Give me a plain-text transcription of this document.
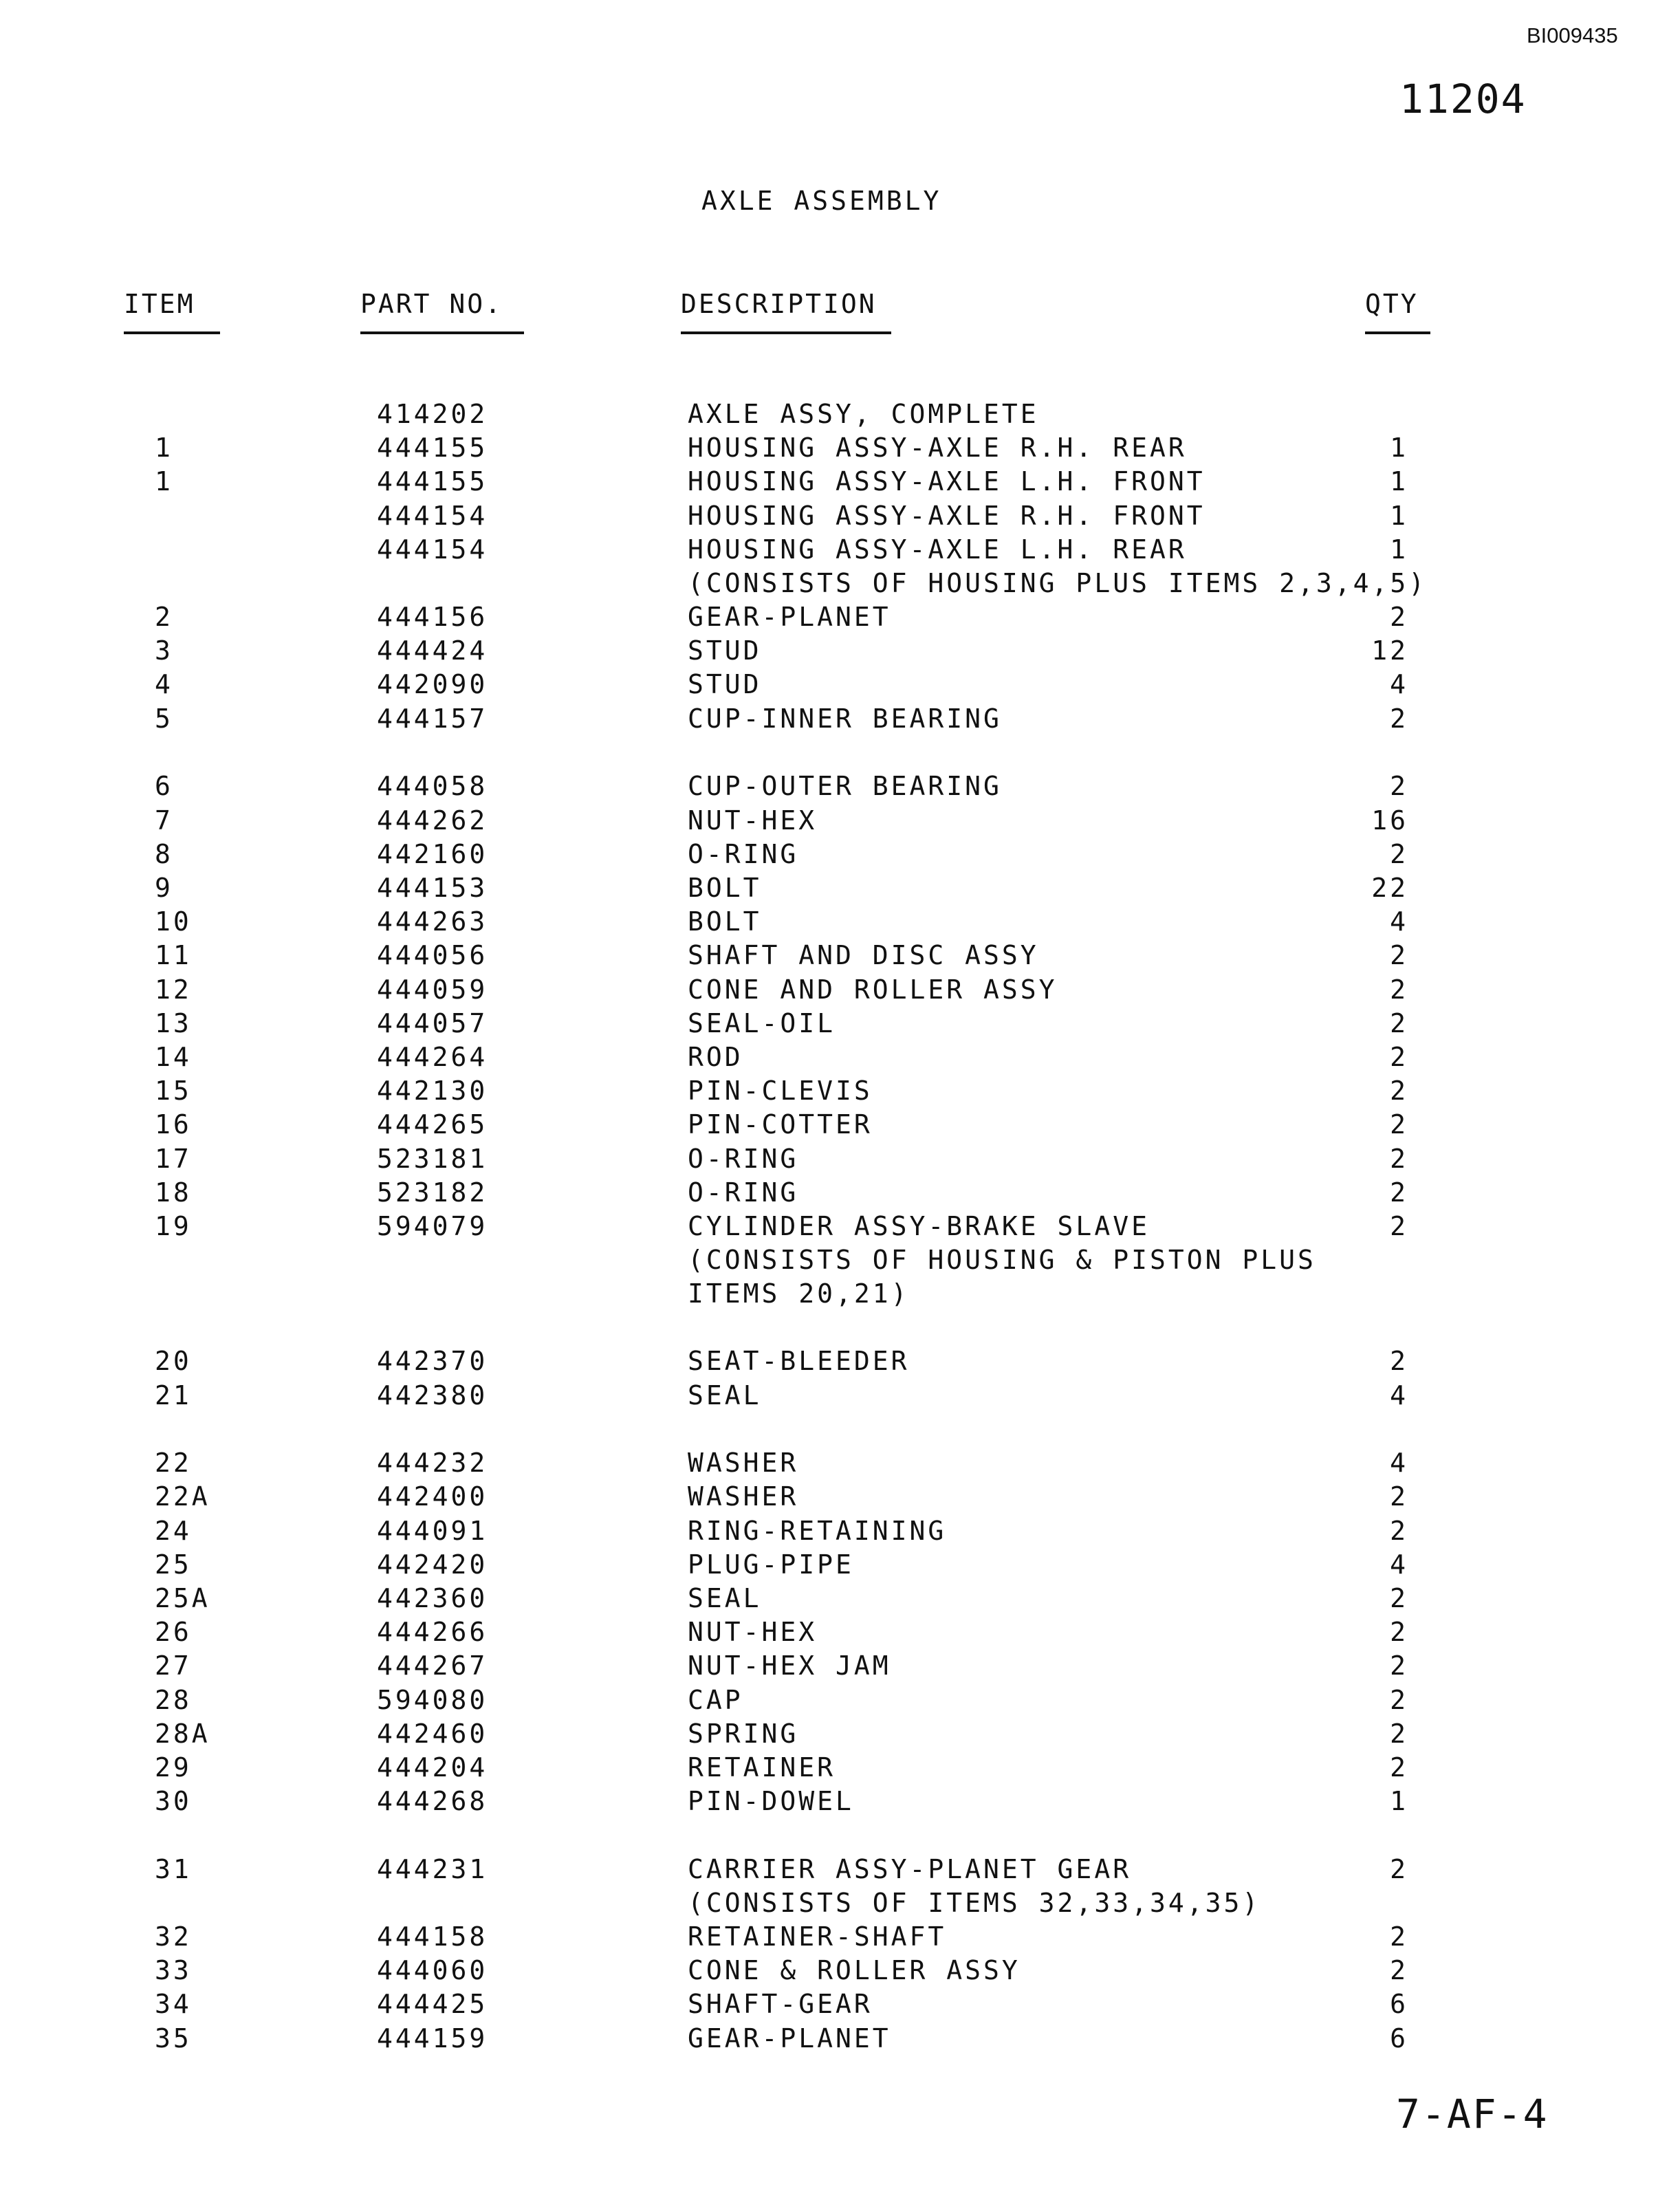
BI009435
11204
AXLE ASSEMBLY
ITEM	PART NO.	DESCRIPTION	QTY
414202	AXLE ASSY, COMPLETE
1	444155	HOUSING ASSY-AXLE R.H. REAR	1
1	444155	HOUSING ASSY-AXLE L.H. FRONT	1
444154	HOUSING ASSY-AXLE R.H. FRONT	1
444154	HOUSING ASSY-AXLE L.H. REAR	1
(CONSISTS OF HOUSING PLUS ITEMS 2,3,4,5)
2	444156	GEAR-PLANET	2
3	444424	STUD	12
4	442090	STUD	4
5	444157	CUP-INNER BEARING	2
6	444058	CUP-OUTER BEARING	2
7	444262	NUT-HEX	16
8	442160	O-RING	2
9	444153	BOLT	22
10	444263	BOLT	4
11	444056	SHAFT AND DISC ASSY	2
12	444059	CONE AND ROLLER ASSY	2
13	444057	SEAL-OIL	2
14	444264	ROD	2
15	442130	PIN-CLEVIS	2
16	444265	PIN-COTTER	2
17	523181	O-RING	2
18	523182	O-RING	2
19	594079	CYLINDER ASSY-BRAKE SLAVE	2
(CONSISTS OF HOUSING & PISTON PLUS
ITEMS 20,21)
20	442370	SEAT-BLEEDER	2
21	442380	SEAL	4
22	444232	WASHER	4
22A	442400	WASHER	2
24	444091	RING-RETAINING	2
25	442420	PLUG-PIPE	4
25A	442360	SEAL	2
26	444266	NUT-HEX	2
27	444267	NUT-HEX JAM	2
28	594080	CAP	2
28A	442460	SPRING	2
29	444204	RETAINER	2
30	444268	PIN-DOWEL	1
31	444231	CARRIER ASSY-PLANET GEAR	2
(CONSISTS OF ITEMS 32,33,34,35)
32	444158	RETAINER-SHAFT	2
33	444060	CONE & ROLLER ASSY	2
34	444425	SHAFT-GEAR	6
35	444159	GEAR-PLANET	6
7-AF-4
